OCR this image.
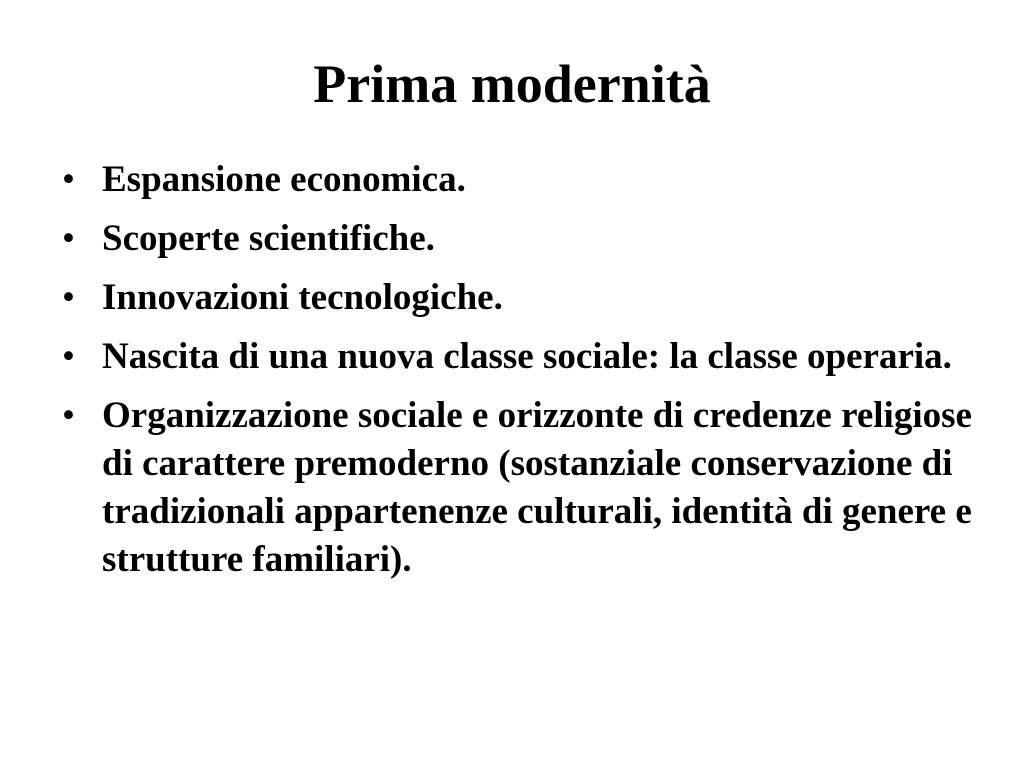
Prima modernità
• Espansione economica.
• Scoperte scientifiche.
• Innovazioni tecnologiche.
• Nascita di una nuova classe sociale: la classe operaria.
• Organizzazione sociale e orizzonte di credenze religiose di carattere premoderno (sostanziale conservazione di tradizionali appartenenze culturali, identità di genere e strutture familiari).
